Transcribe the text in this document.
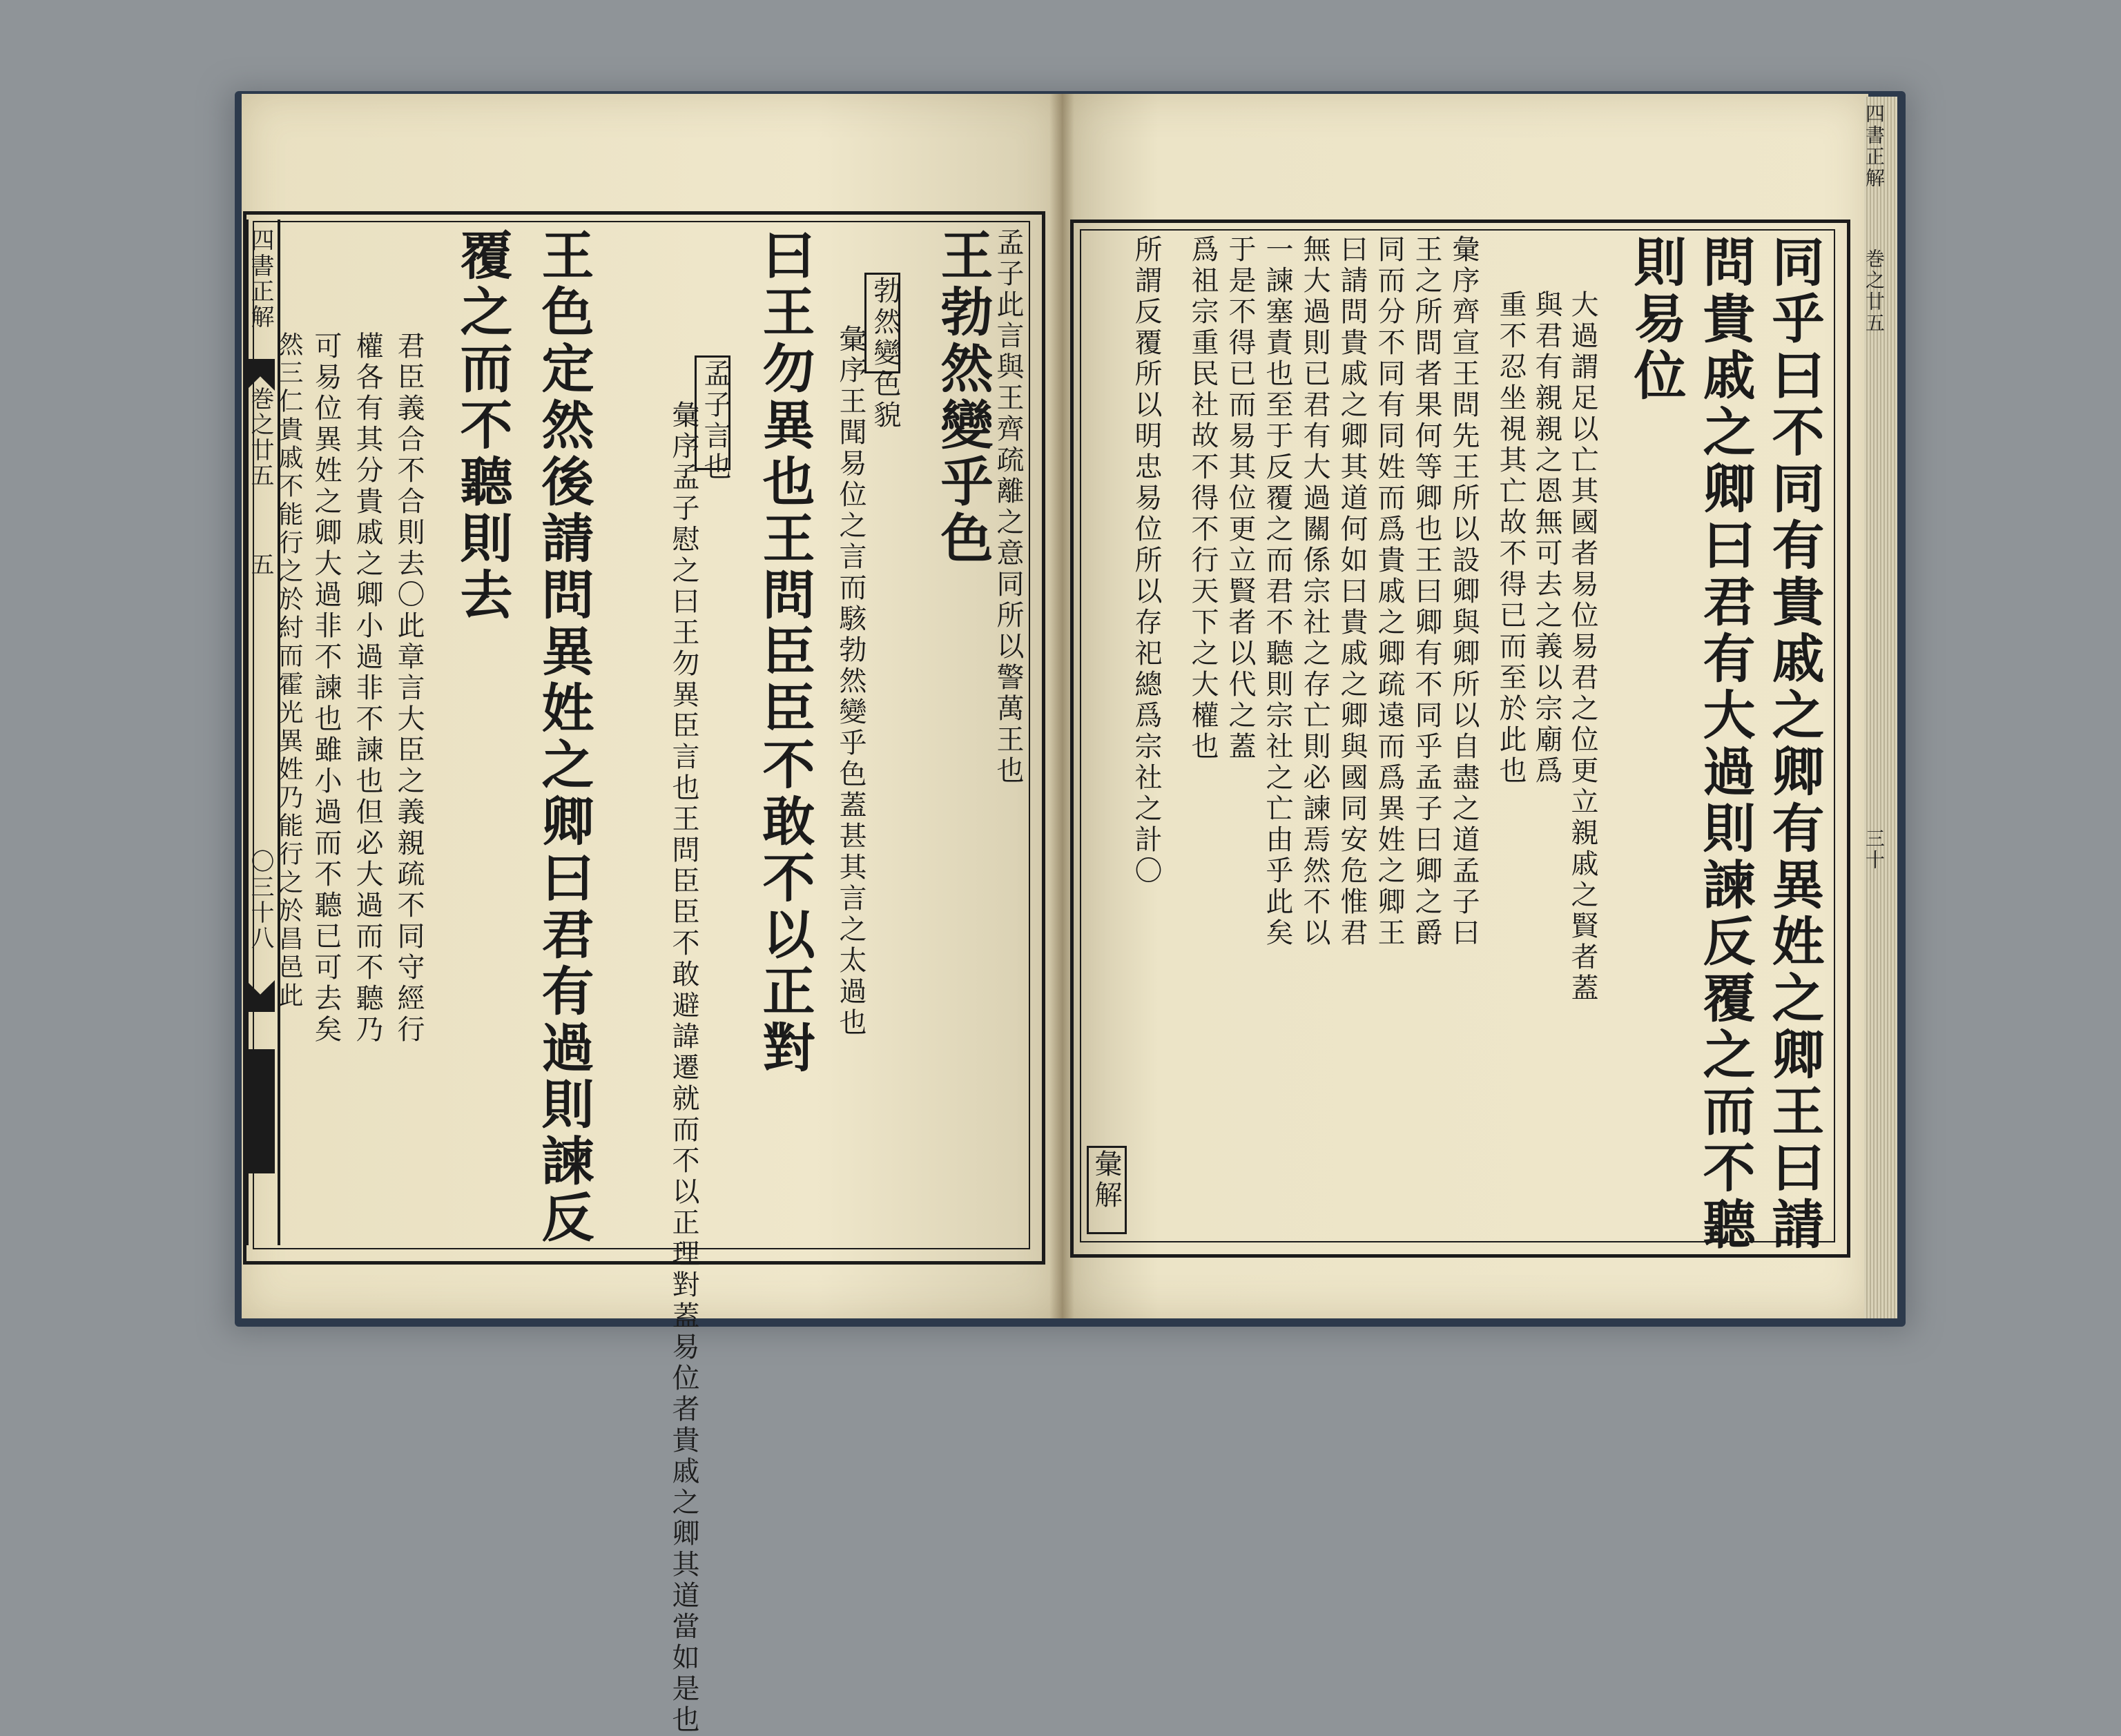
四書正解
巻之廿五
五
〇三十八
孟子此言與王齊疏離之意同所以警萬王也
王勃然變乎色
勃然變色貌
彙序王聞易位之言而駭勃然變乎色蓋甚其言之太過也
曰王勿異也王問臣臣不敢不以正對
孟子言也
彙序孟子慰之曰王勿異臣言也王問臣臣不敢避諱遷就而不以正理對蓋易位者貴戚之卿其道當如是也
王色定然後請問異姓之卿曰君有過則諫反
覆之而不聽則去
君臣義合不合則去〇此章言大臣之義親疏不同守經行
權各有其分貴戚之卿小過非不諫也但必大過而不聽乃
可易位異姓之卿大過非不諫也雖小過而不聽已可去矣
然三仁貴戚不能行之於紂而霍光異姓乃能行之於昌邑此
四書正解
巻之廿五
三十
同乎曰不同有貴戚之卿有異姓之卿王曰請
問貴戚之卿曰君有大過則諫反覆之而不聽
則易位
大過謂足以亡其國者易位易君之位更立親戚之賢者蓋
與君有親親之恩無可去之義以宗廟爲
重不忍坐視其亡故不得已而至於此也
彙序齊宣王問先王所以設卿與卿所以自盡之道孟子曰
王之所問者果何等卿也王曰卿有不同乎孟子曰卿之爵
同而分不同有同姓而爲貴戚之卿疏遠而爲異姓之卿王
曰請問貴戚之卿其道何如曰貴戚之卿與國同安危惟君
無大過則已君有大過關係宗社之存亡則必諫焉然不以
一諫塞責也至于反覆之而君不聽則宗社之亡由乎此矣
于是不得已而易其位更立賢者以代之蓋
爲祖宗重民社故不得不行天下之大權也
所謂反覆所以明忠易位所以存祀總爲宗社之計〇
彙解
